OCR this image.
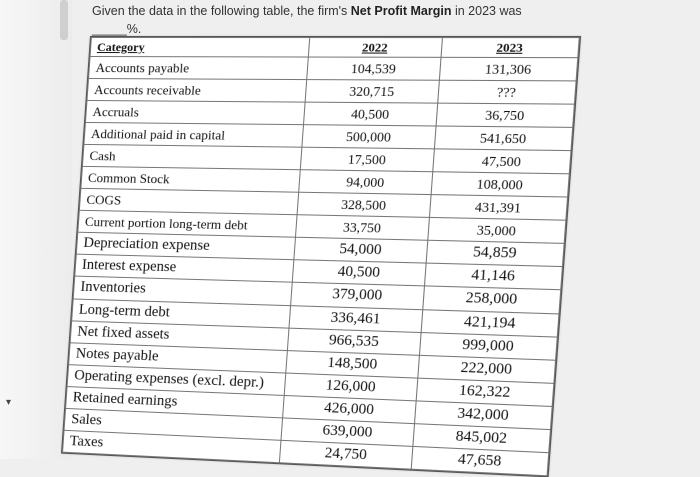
▾
Given the data in the following table, the firm's Net Profit Margin in 2023 was
_____%.
Category	2022	2023
Accounts payable	104,539	131,306
Accounts receivable	320,715	???
Accruals	40,500	36,750
Additional paid in capital	500,000	541,650
Cash	17,500	47,500
Common Stock	94,000	108,000
COGS	328,500	431,391
Current portion long-term debt	33,750	35,000
Depreciation expense	54,000	54,859
Interest expense	40,500	41,146
Inventories	379,000	258,000
Long-term debt	336,461	421,194
Net fixed assets	966,535	999,000
Notes payable	148,500	222,000
Operating expenses (excl. depr.)	126,000	162,322
Retained earnings	426,000	342,000
Sales	639,000	845,002
Taxes	24,750	47,658
